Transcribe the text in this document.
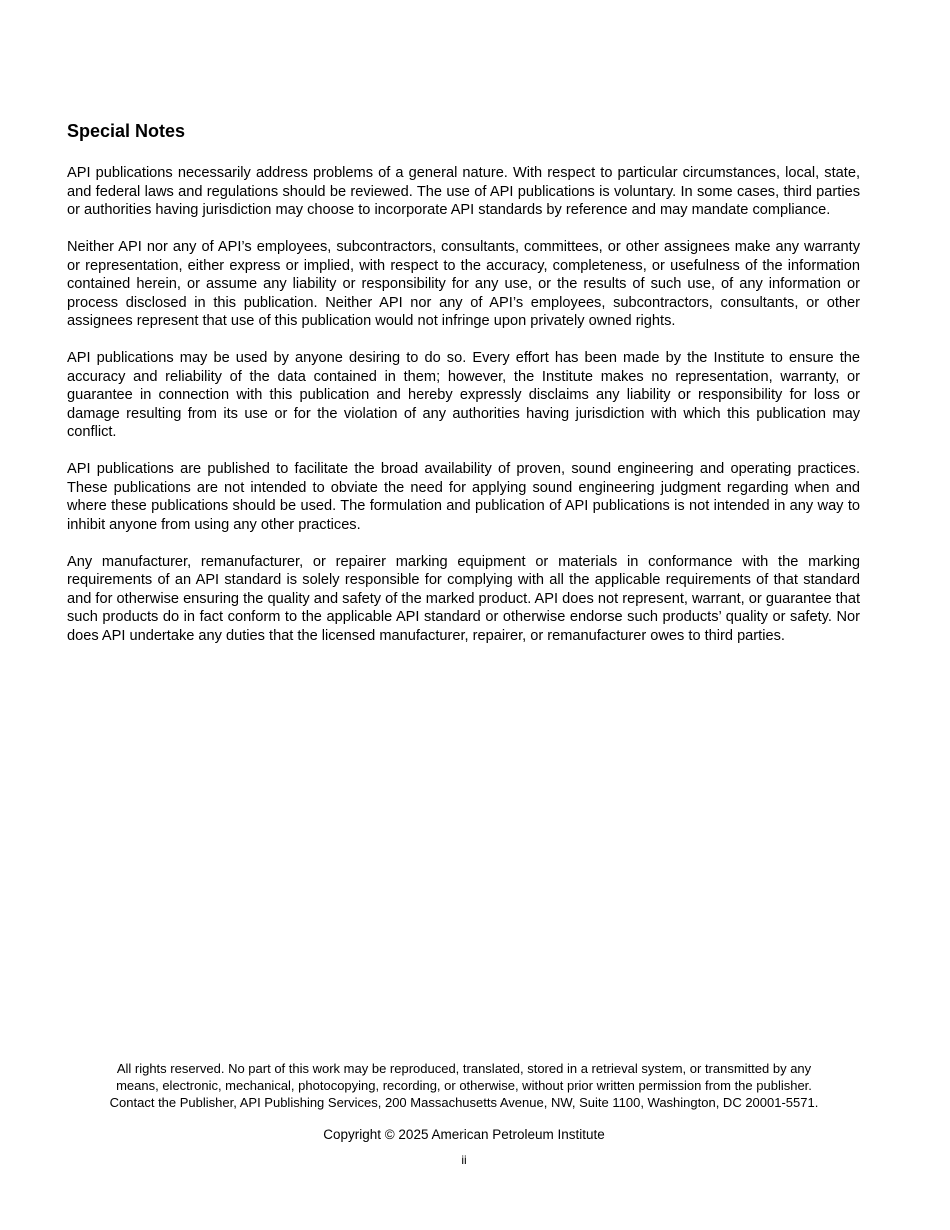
Special Notes

API publications necessarily address problems of a general nature. With respect to particular circumstances, local, state, and federal laws and regulations should be reviewed. The use of API publications is voluntary. In some cases, third parties or authorities having jurisdiction may choose to incorporate API standards by reference and may mandate compliance.

Neither API nor any of API’s employees, subcontractors, consultants, committees, or other assignees make any warranty or representation, either express or implied, with respect to the accuracy, completeness, or usefulness of the information contained herein, or assume any liability or responsibility for any use, or the results of such use, of any information or process disclosed in this publication. Neither API nor any of API’s employees, subcontractors, consultants, or other assignees represent that use of this publication would not infringe upon privately owned rights.

API publications may be used by anyone desiring to do so. Every effort has been made by the Institute to ensure the accuracy and reliability of the data contained in them; however, the Institute makes no representation, warranty, or guarantee in connection with this publication and hereby expressly disclaims any liability or responsibility for loss or damage resulting from its use or for the violation of any authorities having jurisdiction with which this publication may conflict.

API publications are published to facilitate the broad availability of proven, sound engineering and operating practices. These publications are not intended to obviate the need for applying sound engineering judgment regarding when and where these publications should be used. The formulation and publication of API publications is not intended in any way to inhibit anyone from using any other practices.

Any manufacturer, remanufacturer, or repairer marking equipment or materials in conformance with the marking requirements of an API standard is solely responsible for complying with all the applicable requirements of that standard and for otherwise ensuring the quality and safety of the marked product. API does not represent, warrant, or guarantee that such products do in fact conform to the applicable API standard or otherwise endorse such products’ quality or safety. Nor does API undertake any duties that the licensed manufacturer, repairer, or remanufacturer owes to third parties.

All rights reserved. No part of this work may be reproduced, translated, stored in a retrieval system, or transmitted by any
means, electronic, mechanical, photocopying, recording, or otherwise, without prior written permission from the publisher.
Contact the Publisher, API Publishing Services, 200 Massachusetts Avenue, NW, Suite 1100, Washington, DC 20001-5571.
Copyright © 2025 American Petroleum Institute
ii
